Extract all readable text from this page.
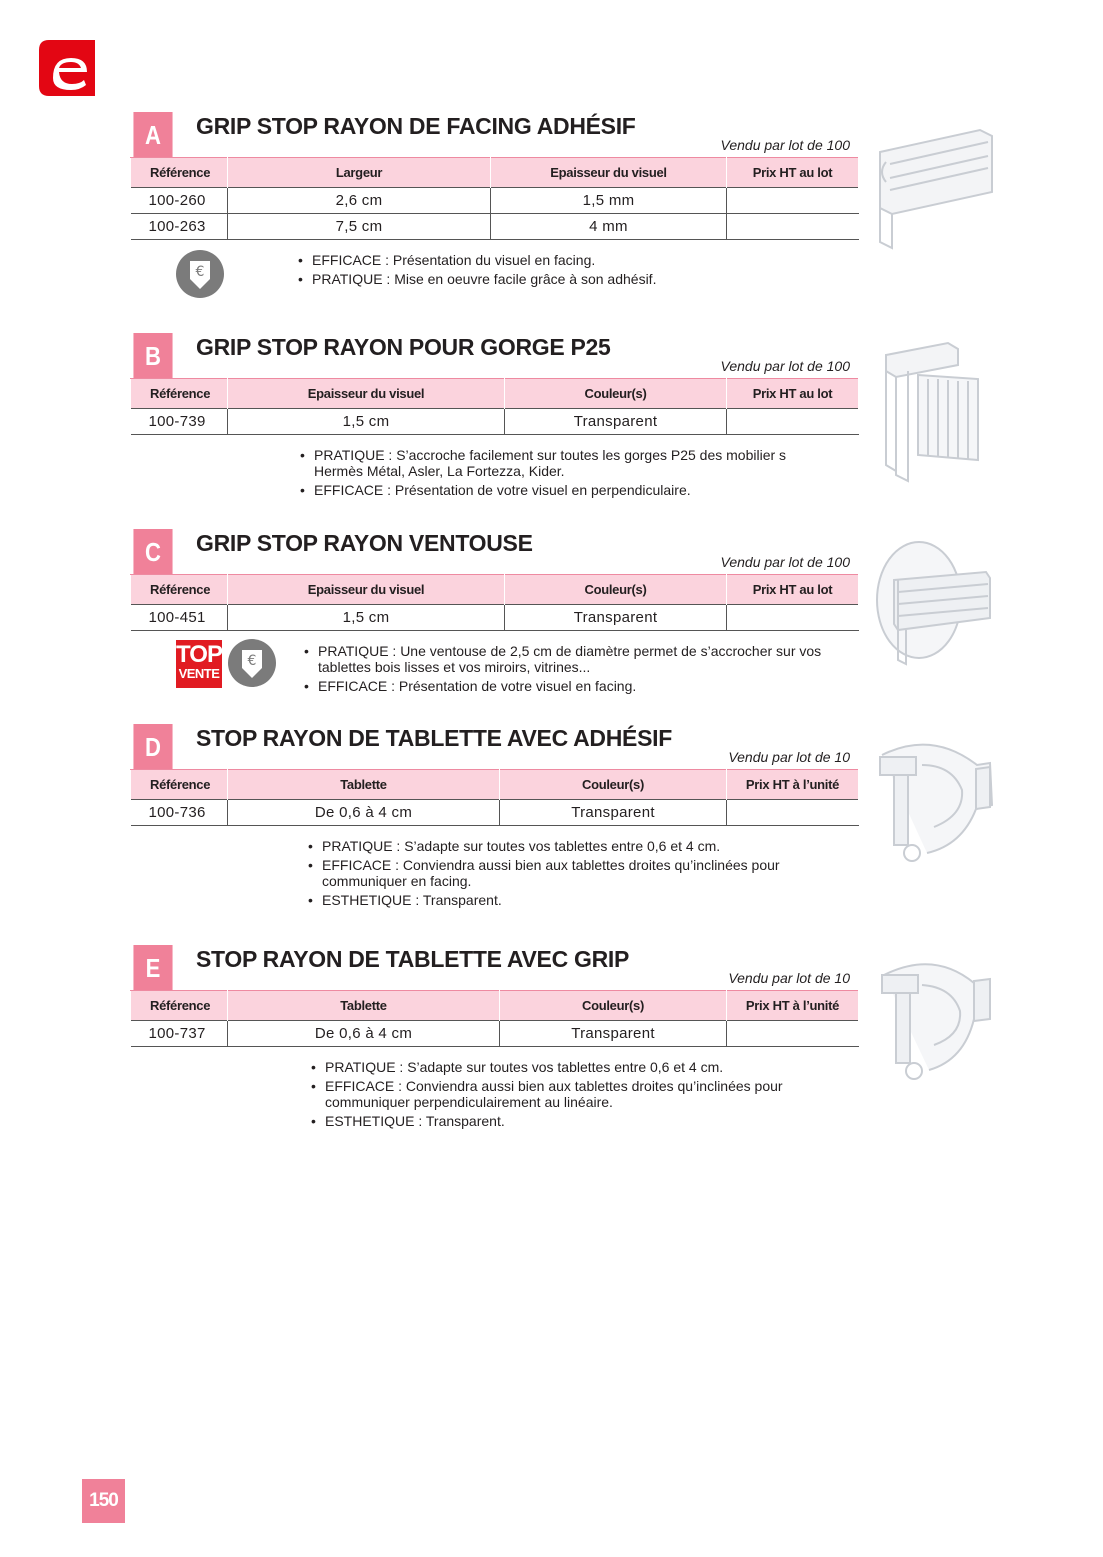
A	GRIP STOP RAYON DE FACING ADHÉSIF
Vendu par lot de 100
Référence	Largeur	Epaisseur du visuel	Prix HT au lot
100-260	2,6 cm	1,5 mm	
100-263	7,5 cm	4 mm	
€
• EFFICACE : Présentation du visuel en facing.
• PRATIQUE : Mise en oeuvre facile grâce à son adhésif.
B	GRIP STOP RAYON POUR GORGE P25
Vendu par lot de 100
Référence	Epaisseur du visuel	Couleur(s)	Prix HT au lot
100-739	1,5 cm	Transparent	
• PRATIQUE : S’accroche facilement sur toutes les gorges P25 des mobilier s Hermès Métal, Asler, La Fortezza, Kider.
• EFFICACE : Présentation de votre visuel en perpendiculaire.
C	GRIP STOP RAYON VENTOUSE
Vendu par lot de 100
Référence	Epaisseur du visuel	Couleur(s)	Prix HT au lot
100-451	1,5 cm	Transparent	
TOP
VENTE
€
• PRATIQUE : Une ventouse de 2,5 cm de diamètre permet de s’accrocher sur vos tablettes bois lisses et vos miroirs, vitrines...
• EFFICACE : Présentation de votre visuel en facing.
D	STOP RAYON DE TABLETTE AVEC ADHÉSIF
Vendu par lot de 10
Référence	Tablette	Couleur(s)	Prix HT à l’unité
100-736	De 0,6 à 4 cm	Transparent	
• PRATIQUE : S’adapte sur toutes vos tablettes entre 0,6 et 4 cm.
• EFFICACE : Conviendra aussi bien aux tablettes droites qu’inclinées pour communiquer en facing.
• ESTHETIQUE : Transparent.
E	STOP RAYON DE TABLETTE AVEC GRIP
Vendu par lot de 10
Référence	Tablette	Couleur(s)	Prix HT à l’unité
100-737	De 0,6 à 4 cm	Transparent	
• PRATIQUE : S’adapte sur toutes vos tablettes entre 0,6 et 4 cm.
• EFFICACE : Conviendra aussi bien aux tablettes droites qu’inclinées pour communiquer perpendiculairement au linéaire.
• ESTHETIQUE : Transparent.
150
